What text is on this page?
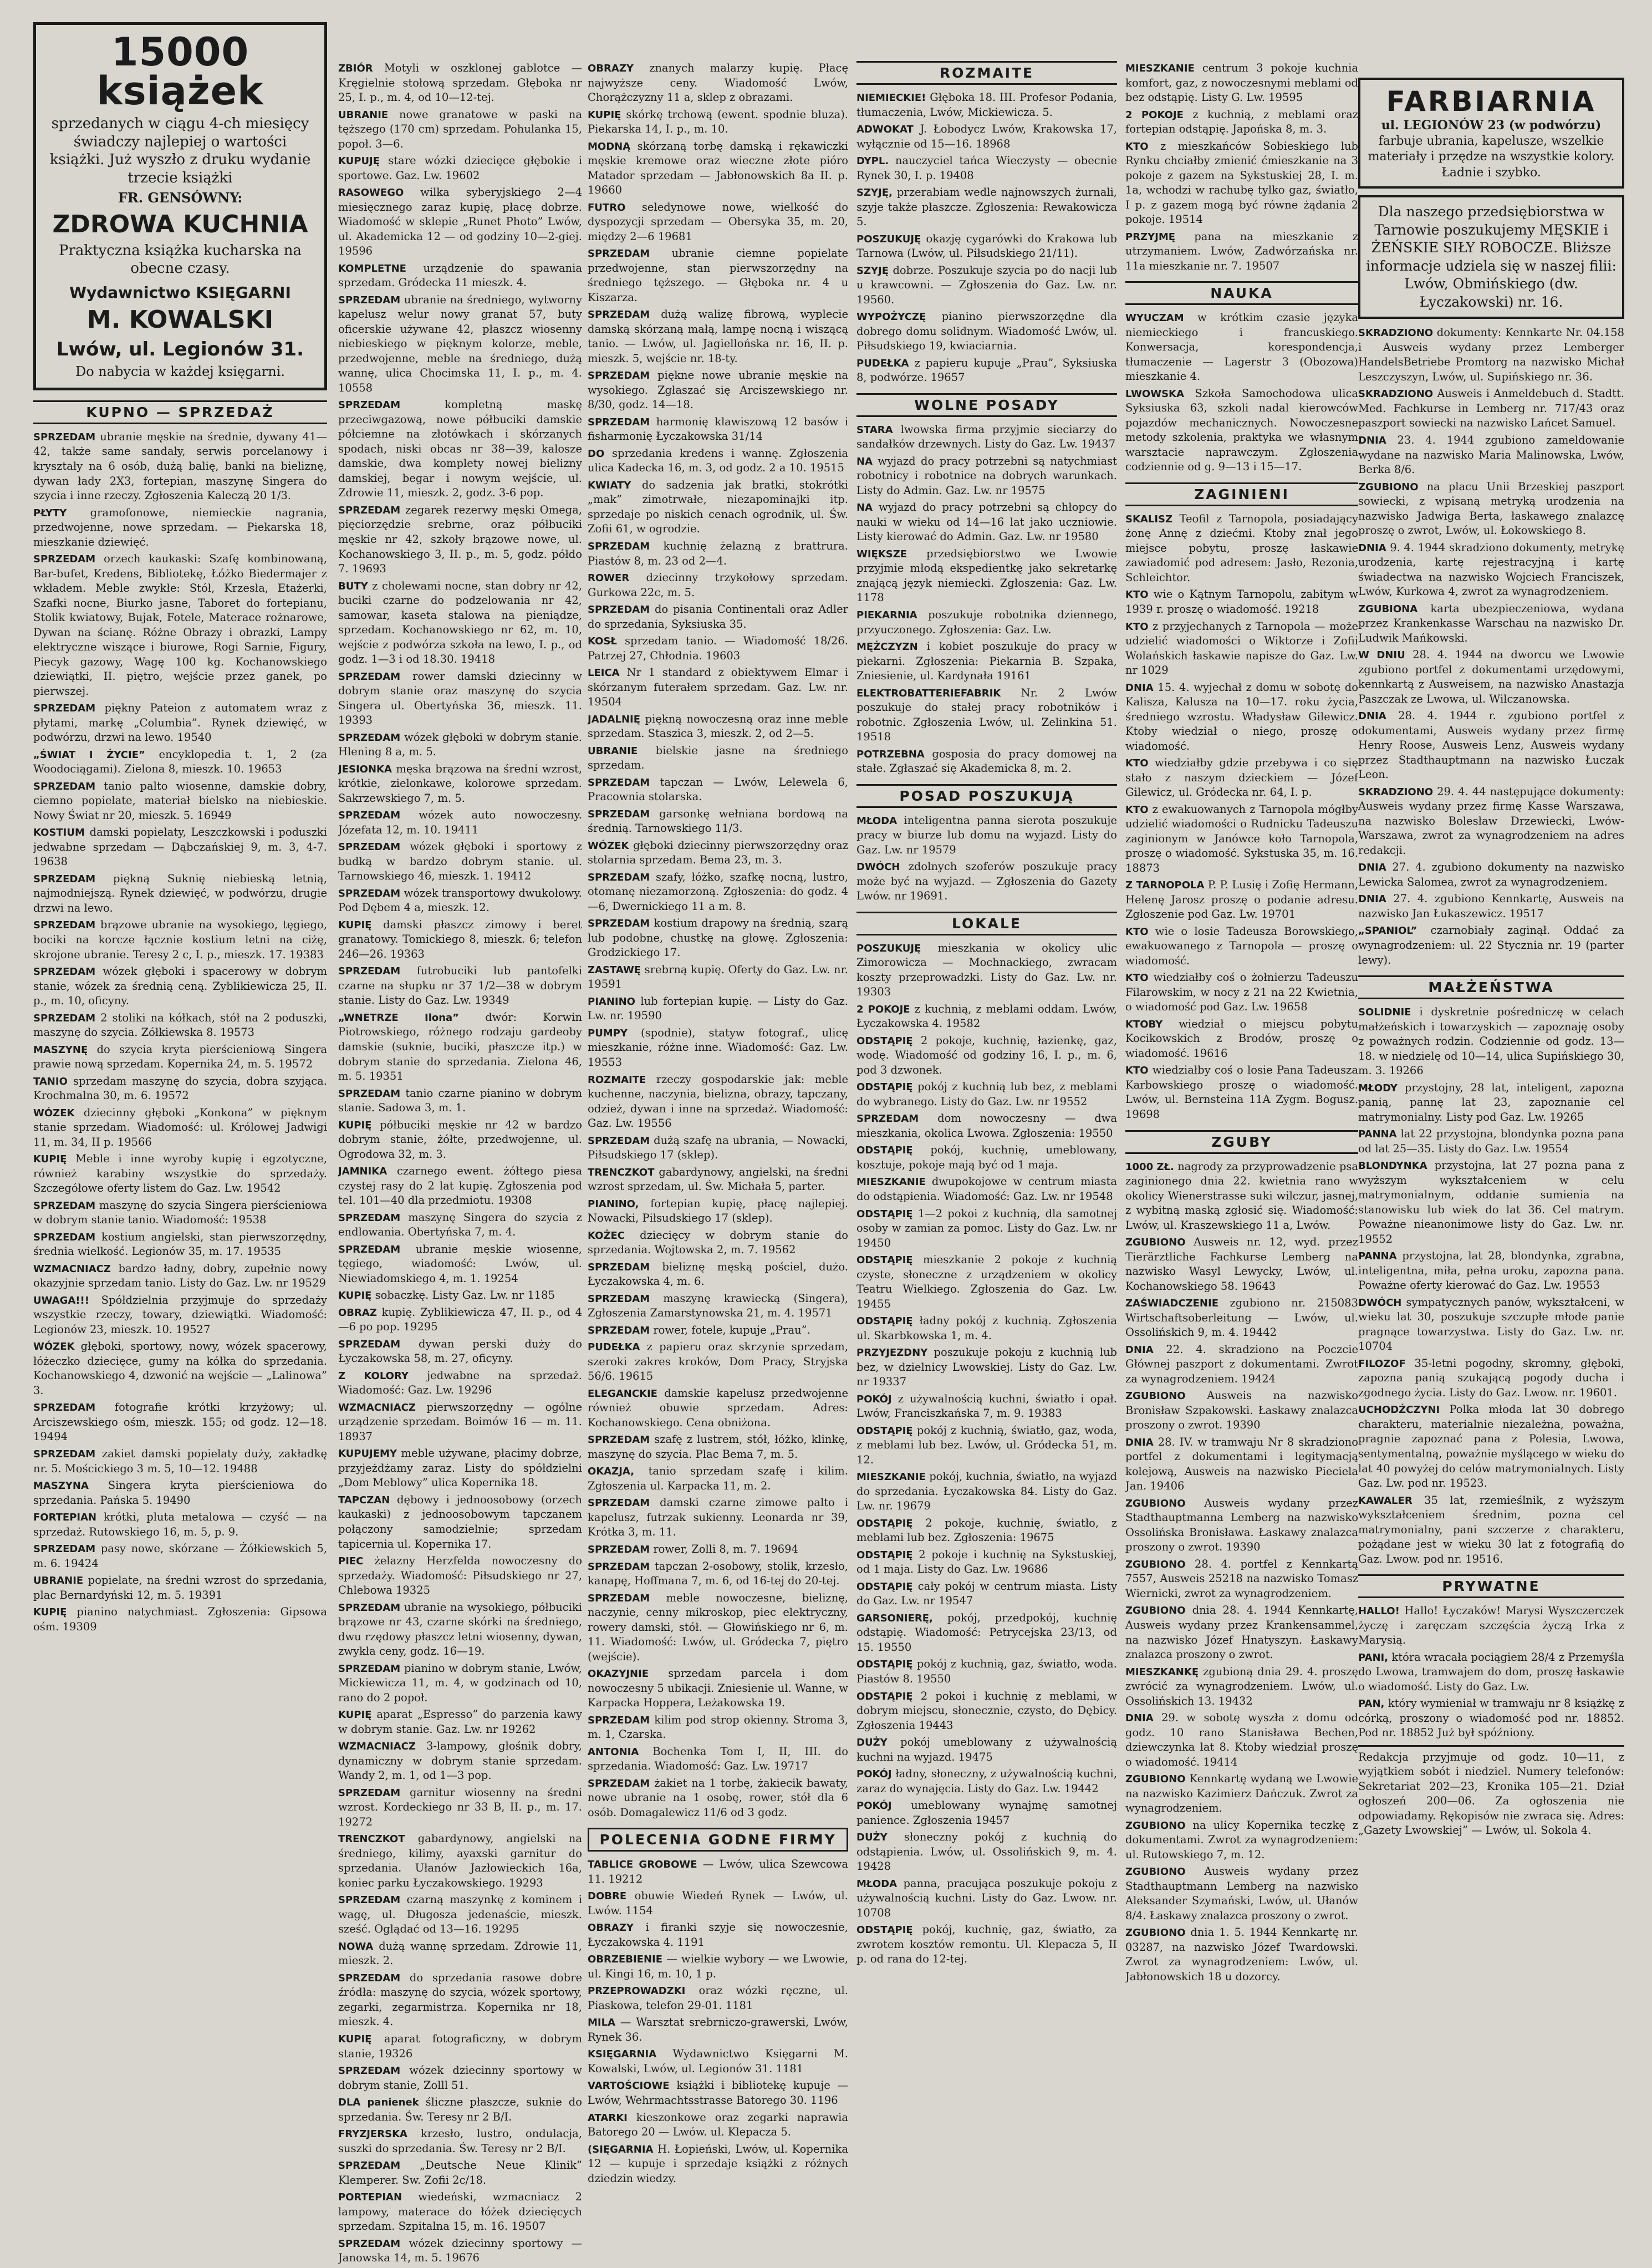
15000 książek
sprzedanych w ciągu 4-ch miesięcy świadczy najlepiej o wartości książki. Już wyszło z druku wydanie trzecie książki
FR. GENSÓWNY:
ZDROWA KUCHNIA
Praktyczna książka kucharska na obecne czasy.
Wydawnictwo KSIĘGARNI
M. KOWALSKI
Lwów, ul. Legionów 31.
Do nabycia w każdej księgarni.
KUPNO — SPRZEDAŻ

SPRZEDAM ubranie męskie na średnie, dywany 41—42, także same sandały, serwis porcelanowy i kryształy na 6 osób, dużą balię, banki na bieliznę, dywan łady 2X3, fortepian, maszynę Singera do szycia i inne rzeczy. Zgłoszenia Kaleczą 20 1/3.

PŁYTY gramofonowe, niemieckie nagrania, przedwojenne, nowe sprzedam. — Piekarska 18, mieszkanie dziewięć.

SPRZEDAM orzech kaukaski: Szafę kombinowaną, Bar-bufet, Kredens, Bibliotekę, Łóżko Biedermajer z wkładem. Meble zwykłe: Stół, Krzesła, Etażerki, Szafki nocne, Biurko jasne, Taboret do fortepianu, Stolik kwiatowy, Bujak, Fotele, Materace rożnarowe, Dywan na ścianę. Różne Obrazy i obrazki, Lampy elektryczne wiszące i biurowe, Rogi Sarnie, Figury, Piecyk gazowy, Wagę 100 kg. Kochanowskiego dziewiątki, II. piętro, wejście przez ganek, po pierwszej.

SPRZEDAM piękny Pateion z automatem wraz z płytami, markę „Columbia”. Rynek dziewięć, w podwórzu, drzwi na lewo. 19540

„ŚWIAT I ŻYCIE” encyklopedia t. 1, 2 (za Woodociągami). Zielona 8, mieszk. 10. 19653

SPRZEDAM tanio palto wiosenne, damskie dobry, ciemno popielate, materiał bielsko na niebieskie. Nowy Świat nr 20, mieszk. 5. 16949

KOSTIUM damski popielaty, Leszczkowski i poduszki jedwabne sprzedam — Dąbczańskiej 9, m. 3, 4-7. 19638

SPRZEDAM piękną Suknię niebieską letnią, najmodniejszą. Rynek dziewięć, w podwórzu, drugie drzwi na lewo.

SPRZEDAM brązowe ubranie na wysokiego, tęgiego, bociki na korcze łącznie kostium letni na ciżę, skrojone ubranie. Teresy 2 c, I. p., mieszk. 17. 19383

SPRZEDAM wózek głęboki i spacerowy w dobrym stanie, wózek za średnią ceną. Zyblikiewicza 25, II. p., m. 10, oficyny.

SPRZEDAM 2 stoliki na kółkach, stół na 2 poduszki, maszynę do szycia. Zółkiewska 8. 19573

MASZYNĘ do szycia kryta pierścieniową Singera prawie nową sprzedam. Kopernika 24, m. 5. 19572

TANIO sprzedam maszynę do szycia, dobra szyjąca. Krochmalna 30, m. 6. 19572

WÓZEK dziecinny głęboki „Konkona” w pięknym stanie sprzedam. Wiadomość: ul. Królowej Jadwigi 11, m. 34, II p. 19566

KUPIĘ Meble i inne wyroby kupię i egzotyczne, również karabiny wszystkie do sprzedaży. Szczegółowe oferty listem do Gaz. Lw. 19542

SPRZEDAM maszynę do szycia Singera pierścieniowa w dobrym stanie tanio. Wiadomość: 19538

SPRZEDAM kostium angielski, stan pierwszorzędny, średnia wielkość. Legionów 35, m. 17. 19535

WZMACNIACZ bardzo ładny, dobry, zupełnie nowy okazyjnie sprzedam tanio. Listy do Gaz. Lw. nr 19529

UWAGA!!! Spółdzielnia przyjmuje do sprzedaży wszystkie rzeczy, towary, dziewiątki. Wiadomość: Legionów 23, mieszk. 10. 19527

WÓZEK głęboki, sportowy, nowy, wózek spacerowy, łóżeczko dziecięce, gumy na kółka do sprzedania. Kochanowskiego 4, dzwonić na wejście — „Lalinowa” 3.

SPRZEDAM fotografie krótki krzyżowy; ul. Arciszewskiego ośm, mieszk. 155; od godz. 12—18. 19494

SPRZEDAM zakiet damski popielaty duży, zakładkę nr. 5. Mościckiego 3 m. 5, 10—12. 19488

MASZYNA Singera kryta pierścieniowa do sprzedania. Pańska 5. 19490

FORTEPIAN krótki, pluta metalowa — czyść — na sprzedaż. Rutowskiego 16, m. 5, p. 9.

SPRZEDAM pasy nowe, skórzane — Żółkiewskich 5, m. 6. 19424

UBRANIE popielate, na średni wzrost do sprzedania, plac Bernardyński 12, m. 5. 19391

KUPIĘ pianino natychmiast. Zgłoszenia: Gipsowa ośm. 19309

ZBIÓR Motyli w oszklonej gablotce — Kręgielnie stołową sprzedam. Głęboka nr 25, I. p., m. 4, od 10—12-tej.

UBRANIE nowe granatowe w paski na tęższego (170 cm) sprzedam. Pohulanka 15, popoł. 3—6.

KUPUJĘ stare wózki dziecięce głębokie i sportowe. Gaz. Lw. 19602

RASOWEGO wilka syberyjskiego 2—4 miesięcznego zaraz kupię, płacę dobrze. Wiadomość w sklepie „Runet Photo” Lwów, ul. Akademicka 12 — od godziny 10—2-giej. 19596

KOMPLETNE urządzenie do spawania sprzedam. Gródecka 11 mieszk. 4.

SPRZEDAM ubranie na średniego, wytworny kapelusz welur nowy granat 57, buty oficerskie używane 42, płaszcz wiosenny niebieskiego w pięknym kolorze, meble, przedwojenne, meble na średniego, dużą wannę, ulica Chocimska 11, I. p., m. 4. 10558

SPRZEDAM	kompletną maskę przeciwgazową, nowe półbuciki damskie półciemne na złotówkach i skórzanych spodach, niski obcas nr 38—39, kalosze damskie, dwa komplety nowej bielizny damskiej, begar i nowym wejście, ul. Zdrowie 11, mieszk. 2, godz. 3-6 pop.

SPRZEDAM zegarek rezerwy męski Omega, pięciorzędzie srebrne, oraz półbuciki męskie nr 42, szkoły brązowe nowe, ul. Kochanowskiego 3, II. p., m. 5, godz. półdo 7. 19693

BUTY z cholewami nocne, stan dobry nr 42, buciki czarne do podzelowania nr 42, samowar, kaseta stalowa na pieniądze, sprzedam. Kochanowskiego nr 62, m. 10, wejście z podwórza szkoła na lewo, I. p., od godz. 1—3 i od 18.30. 19418

SPRZEDAM rower damski dziecinny w dobrym stanie oraz maszynę do szycia Singera ul. Obertyńska 36, mieszk. 11. 19393

SPRZEDAM wózek głęboki w dobrym stanie. Hlening 8 a, m. 5.

JESIONKA męska brązowa na średni wzrost, krótkie, zielonkawe, kolorowe sprzedam. Sakrzewskiego 7, m. 5.

SPRZEDAM wózek auto nowoczesny. Józefata 12, m. 10. 19411

SPRZEDAM wózek głęboki i sportowy z budką w bardzo dobrym stanie. ul. Tarnowskiego 46, mieszk. 1. 19412

SPRZEDAM wózek transportowy dwukołowy. Pod Dębem 4 a, mieszk. 12.

KUPIĘ damski płaszcz zimowy i beret granatowy. Tomickiego 8, mieszk. 6; telefon 246—26. 19363

SPRZEDAM futrobuciki lub pantofelki czarne na słupku nr 37 1/2—38 w dobrym stanie. Listy do Gaz. Lw. 19349

„WNETRZE Ilona” dwór: Korwin Piotrowskiego, różnego rodzaju gardeoby damskie (suknie, buciki, płaszcze itp.) w dobrym stanie do sprzedania. Zielona 46, m. 5. 19351

SPRZEDAM tanio czarne pianino w dobrym stanie. Sadowa 3, m. 1.

KUPIĘ półbuciki męskie nr 42 w bardzo dobrym stanie, żółte, przedwojenne, ul. Ogrodowa 32, m. 3.

JAMNIKA czarnego ewent. żółtego piesa czystej rasy do 2 lat kupię. Zgłoszenia pod tel. 101—40 dla przedmiotu. 19308

SPRZEDAM maszynę Singera do szycia z endlowania. Obertyńska 7, m. 4.

SPRZEDAM ubranie męskie wiosenne, tęgiego, wiadomość: Lwów, ul. Niewiadomskiego 4, m. 1. 19254

KUPIĘ sobaczkę. Listy Gaz. Lw. nr 1185

OBRAZ kupię. Zyblikiewicza 47, II. p., od 4—6 po pop. 19295

SPRZEDAM dywan perski duży do Łyczakowska 58, m. 27, oficyny.

Z KOLORY jedwabne na sprzedaż. Wiadomość: Gaz. Lw. 19296

WZMACNIACZ pierwszorzędny — ogólne urządzenie sprzedam. Boimów 16 — m. 11. 18937

KUPUJEMY meble używane, płacimy dobrze, przyjeżdżamy zaraz. Listy do spółdzielni „Dom Meblowy” ulica Kopernika 18.

TAPCZAN dębowy i jednoosobowy (orzech kaukaski) z jednoosobowym tapczanem połączony samodzielnie; sprzedam tapicernia ul. Kopernika 17.

PIEC żelazny Herzfelda nowoczesny do sprzedaży. Wiadomość: Piłsudskiego nr 27, Chlebowa 19325

SPRZEDAM ubranie na wysokiego, półbuciki brązowe nr 43, czarne skórki na średniego, dwu rzędowy płaszcz letni wiosenny, dywan, zwykła ceny, godz. 16—19.

SPRZEDAM pianino w dobrym stanie, Lwów, Mickiewicza 11, m. 4, w godzinach od 10, rano do 2 popoł.

KUPIĘ aparat „Espresso” do parzenia kawy w dobrym stanie. Gaz. Lw. nr 19262

WZMACNIACZ 3-lampowy, głośnik dobry, dynamiczny w dobrym stanie sprzedam. Wandy 2, m. 1, od 1—3 pop.

SPRZEDAM garnitur wiosenny na średni wzrost. Kordeckiego nr 33 B, II. p., m. 17. 19272

TRENCZKOT gabardynowy, angielski na średniego, kilimy, ayaxski garnitur do sprzedania. Ułanów Jazłowieckich 16a, koniec parku Łyczakowskiego. 19293

SPRZEDAM czarną maszynkę z kominem i wagę, ul. Długosza jedenaście, mieszk. sześć. Oglądać od 13—16. 19295

NOWA dużą wannę sprzedam. Zdrowie 11, mieszk. 2.

SPRZEDAM do sprzedania rasowe dobre źródła: maszynę do szycia, wózek sportowy, zegarki, zegarmistrza. Kopernika nr 18, mieszk. 4.

KUPIĘ aparat fotograficzny, w dobrym stanie, 19326

SPRZEDAM wózek dziecinny sportowy w dobrym stanie, Zolll 51.

DLA panienek śliczne płaszcze, suknie do sprzedania. Św. Teresy nr 2 B/I.

FRYZJERSKA krzesło, lustro, ondulacja, suszki do sprzedania. Św. Teresy nr 2 B/I.

SPRZEDAM „Deutsche Neue Klinik” Klemperer. Sw. Zofii 2c/18.

PORTEPIAN wiedeński, wzmacniacz 2 lampowy, materace do łóżek dziecięcych sprzedam. Szpitalna 15, m. 16. 19507

SPRZEDAM wózek dziecinny sportowy — Janowska 14, m. 5. 19676

OBRAZY znanych malarzy kupię. Płacę najwyższe ceny. Wiadomość Lwów, Chorążczyzny 11 a, sklep z obrazami.

KUPIĘ skórkę trchową (ewent. spodnie bluza). Piekarska 14, I. p., m. 10.

MODNĄ skórzaną torbę damską i rękawiczki męskie kremowe oraz wieczne złote pióro Matador sprzedam — Jabłonowskich 8a II. p. 19660

FUTRO seledynowe nowe, wielkość do dyspozycji sprzedam — Obersyka 35, m. 20, między 2—6 19681

SPRZEDAM ubranie ciemne popielate przedwojenne, stan pierwszorzędny na średniego tęższego. — Głęboka nr. 4 u Kiszarza.

SPRZEDAM dużą walizę fibrową, wyplecie damską skórzaną małą, lampę nocną i wiszącą tanio. — Lwów, ul. Jagiellońska nr. 16, II. p. mieszk. 5, wejście nr. 18-ty.

SPRZEDAM piękne nowe ubranie męskie na wysokiego. Zgłaszać się Arciszewskiego nr. 8/30, godz. 14—18.

SPRZEDAM harmonię klawiszową 12 basów i fisharmonię Łyczakowska 31/14

DO sprzedania kredens i wannę. Zgłoszenia ulica Kadecka 16, m. 3, od godz. 2 a 10. 19515

KWIATY do sadzenia jak bratki, stokrótki „mak” zimotrwałe, niezapominajki itp. sprzedaje po niskich cenach ogrodnik, ul. Św. Zofii 61, w ogrodzie.

SPRZEDAM kuchnię żelazną z brattrura. Piastów 8, m. 23 od 2—4.

ROWER dziecinny trzykołowy sprzedam. Gurkowa 22c, m. 5.

SPRZEDAM do pisania Continentali oraz Adler do sprzedania, Syksiuska 35.

KOSŁ sprzedam tanio. — Wiadomość 18/26. Patrzej 27, Chłodnia. 19603

LEICA Nr 1 standard z obiektywem Elmar i skórzanym futerałem sprzedam. Gaz. Lw. nr. 19504

JADALNIĘ piękną nowoczesną oraz inne meble sprzedam. Staszica 3, mieszk. 2, od 2—5.

UBRANIE bielskie jasne na średniego sprzedam.

SPRZEDAM tapczan — Lwów, Lelewela 6, Pracownia stolarska.

SPRZEDAM garsonkę wełniana bordową na średnią. Tarnowskiego 11/3.

WÓZEK głęboki dziecinny pierwszorzędny oraz stolarnia sprzedam. Bema 23, m. 3.

SPRZEDAM szafy, łóżko, szafkę nocną, lustro, otomanę niezamorzoną. Zgłoszenia: do godz. 4—6, Dwernickiego 11 a m. 8.

SPRZEDAM kostium drapowy na średnią, szarą lub podobne, chustkę na głowę. Zgłoszenia: Grodzickiego 17.

ZASTAWĘ srebrną kupię. Oferty do Gaz. Lw. nr. 19591

PIANINO lub fortepian kupię. — Listy do Gaz. Lw. nr. 19590

PUMPY (spodnie), statyw fotograf., ulicę mieszkanie, różne inne. Wiadomość: Gaz. Lw. 19553

ROZMAITE rzeczy gospodarskie jak: meble kuchenne, naczynia, bielizna, obrazy, tapczany, odzież, dywan i inne na sprzedaż. Wiadomość: Gaz. Lw. 19556

SPRZEDAM dużą szafę na ubrania, — Nowacki, Piłsudskiego 17 (sklep).

TRENCZKOT gabardynowy, angielski, na średni wzrost sprzedam, ul. Św. Michała 5, parter.

PIANINO, fortepian kupię, płacę najlepiej. Nowacki, Piłsudskiego 17 (sklep).

KOŻEC dziecięcy w dobrym stanie do sprzedania. Wojtowska 2, m. 7. 19562

SPRZEDAM bieliznę męską pościel, dużo. Łyczakowska 4, m. 6.

SPRZEDAM maszynę krawiecką (Singera), Zgłoszenia Zamarstynowska 21, m. 4. 19571

SPRZEDAM rower, fotele, kupuje „Prau”.

PUDEŁKA z papieru oraz skrzynie sprzedam, szeroki zakres kroków, Dom Pracy, Stryjska 56/6. 19615

ELEGANCKIE damskie kapelusz przedwojenne również obuwie sprzedam. Adres: Kochanowskiego. Cena obniżona.

SPRZEDAM szafę z lustrem, stół, łóżko, klinkę, maszynę do szycia. Plac Bema 7, m. 5.

OKAZJA, tanio sprzedam szafę i kilim. Zgłoszenia ul. Karpacka 11, m. 2.

SPRZEDAM damski czarne zimowe palto i kapelusz, futrzak sukienny. Leonarda nr 39, Krótka 3, m. 11.

SPRZEDAM rower, Zolli 8, m. 7. 19694

SPRZEDAM tapczan 2-osobowy, stolik, krzesło, kanapę, Hoffmana 7, m. 6, od 16-tej do 20-tej.

SPRZEDAM meble nowoczesne, bieliznę, naczynie, cenny mikroskop, piec elektryczny, rowery damski, stół. — Głowińskiego nr 6, m. 11. Wiadomość: Lwów, ul. Gródecka 7, piętro (wejście).

OKAZYJNIE sprzedam parcela i dom nowoczesny 5 ubikacji. Zniesienie ul. Wanne, w Karpacka Hoppera, Leżakowska 19.

SPRZEDAM kilim pod strop okienny. Stroma 3, m. 1, Czarska.

ANTONIA Bochenka Tom I, II, III. do sprzedania. Wiadomość: Gaz. Lw. 19717

SPRZEDAM żakiet na 1 torbę, żakiecik bawaty, nowe ubranie na 1 osobę, rower, stół dla 6 osób. Domagalewicz 11/6 od 3 godz.

POLECENIA GODNE FIRMY

TABLICE GROBOWE — Lwów, ulica Szewcowa 11. 19212

DOBRE obuwie Wiedeń Rynek — Lwów, ul. Lwów. 1154

OBRAZY i firanki szyje się nowoczesnie, Łyczakowska 4. 1191

OBRZEBIENIE — wielkie wybory — we Lwowie, ul. Kingi 16, m. 10, 1 p.

PRZEPROWADZKI oraz wózki ręczne, ul. Piaskowa, telefon 29-01. 1181

MILA — Warsztat srebrniczo-grawerski, Lwów, Rynek 36.

KSIĘGARNIA Wydawnictwo Księgarni M. Kowalski, Lwów, ul. Legionów 31. 1181

VARTOŚCIOWE książki i bibliotekę kupuje — Lwów, Wehrmachtsstrasse Batorego 30. 1196

ATARKI kieszonkowe oraz zegarki naprawia Batorego 20 — Lwów. ul. Klepacza 5.

(SIĘGARNIA H. Łopieński, Lwów, ul. Kopernika 12 — kupuje i sprzedaje książki z różnych dziedzin wiedzy.

ROZMAITE

NIEMIECKIE! Głęboka 18. III. Profesor Podania, tłumaczenia, Lwów, Mickiewicza. 5.

ADWOKAT J. Łobodycz Lwów, Krakowska 17, wyłącznie od 15—16. 18968

DYPL. nauczyciel tańca Wieczysty — obecnie Rynek 30, I. p. 19408

SZYJĘ, przerabiam wedle najnowszych żurnali, szyje także płaszcze. Zgłoszenia: Rewakowicza 5.

POSZUKUJĘ okazję cygarówki do Krakowa lub Tarnowa (Lwów, ul. Piłsudskiego 21/11).

SZYJĘ dobrze. Poszukuje szycia po do nacji lub u krawcowni. — Zgłoszenia do Gaz. Lw. nr. 19560.

WYPOŻYCZĘ pianino pierwszorzędne dla dobrego domu solidnym. Wiadomość Lwów, ul. Piłsudskiego 19, kwiaciarnia.

PUDEŁKA z papieru kupuje „Prau”, Syksiuska 8, podwórze. 19657

WOLNE POSADY

STARA lwowska firma przyjmie sieciarzy do sandałków drzewnych. Listy do Gaz. Lw. 19437

NA wyjazd do pracy potrzebni są natychmiast robotnicy i robotnice na dobrych warunkach. Listy do Admin. Gaz. Lw. nr 19575

NA wyjazd do pracy potrzebni są chłopcy do nauki w wieku od 14—16 lat jako uczniowie. Listy kierować do Admin. Gaz. Lw. nr 19580

WIĘKSZE przedsiębiorstwo we Lwowie przyjmie młodą ekspedientkę jako sekretarkę znającą język niemiecki. Zgłoszenia: Gaz. Lw. 1178

PIEKARNIA poszukuje robotnika dziennego, przyuczonego. Zgłoszenia: Gaz. Lw.

MĘŻCZYZN i kobiet poszukuje do pracy w piekarni. Zgłoszenia: Piekarnia B. Szpaka, Zniesienie, ul. Kardynała 19161

ELEKTROBATTERIEFABRIK Nr. 2 Lwów poszukuje do stałej pracy robotników i robotnic. Zgłoszenia Lwów, ul. Zelinkina 51. 19518

POTRZEBNA gosposia do pracy domowej na stałe. Zgłaszać się Akademicka 8, m. 2.

POSAD POSZUKUJĄ

MŁODA inteligentna panna sierota poszukuje pracy w biurze lub domu na wyjazd. Listy do Gaz. Lw. nr 19579

DWÓCH zdolnych szoferów poszukuje pracy może być na wyjazd. — Zgłoszenia do Gazety Lwów. nr 19691.

LOKALE

POSZUKUJĘ mieszkania w okolicy ulic Zimorowicza — Mochnackiego, zwracam koszty przeprowadzki. Listy do Gaz. Lw. nr. 19303

2 POKOJE z kuchnią, z meblami oddam. Lwów, Łyczakowska 4. 19582

ODSTĄPIĘ 2 pokoje, kuchnię, łazienkę, gaz, wodę. Wiadomość od godziny 16, I. p., m. 6, pod 3 dzwonek.

ODSTĄPIĘ pokój z kuchnią lub bez, z meblami do wybranego. Listy do Gaz. Lw. nr 19552

SPRZEDAM dom nowoczesny — dwa mieszkania, okolica Lwowa. Zgłoszenia: 19550

ODSTĄPIĘ pokój, kuchnię, umeblowany, kosztuje, pokoje mają być od 1 maja.

MIESZKANIE dwupokojowe w centrum miasta do odstąpienia. Wiadomość: Gaz. Lw. nr 19548

ODSTĄPIĘ 1—2 pokoi z kuchnią, dla samotnej osoby w zamian za pomoc. Listy do Gaz. Lw. nr 19450

ODSTĄPIĘ mieszkanie 2 pokoje z kuchnią czyste, słoneczne z urządzeniem w okolicy Teatru Wielkiego. Zgłoszenia do Gaz. Lw. 19455

ODSTĄPIĘ ładny pokój z kuchnią. Zgłoszenia ul. Skarbkowska 1, m. 4.

PRZYJEZDNY poszukuje pokoju z kuchnią lub bez, w dzielnicy Lwowskiej. Listy do Gaz. Lw. nr 19337

POKÓJ z używalnością kuchni, światło i opał. Lwów, Franciszkańska 7, m. 9. 19383

ODSTĄPIĘ pokój z kuchnią, światło, gaz, woda, z meblami lub bez. Lwów, ul. Gródecka 51, m. 12.

MIESZKANIE pokój, kuchnia, światło, na wyjazd do sprzedania. Łyczakowska 84. Listy do Gaz. Lw. nr. 19679

ODSTĄPIĘ 2 pokoje, kuchnię, światło, z meblami lub bez. Zgłoszenia: 19675

ODSTĄPIĘ 2 pokoje i kuchnię na Sykstuskiej, od 1 maja. Listy do Gaz. Lw. 19686

ODSTĄPIĘ cały pokój w centrum miasta. Listy do Gaz. Lw. nr 19547

GARSONIERĘ, pokój, przedpokój, kuchnię odstąpię. Wiadomość: Petrycejska 23/13, od 15. 19550

ODSTĄPIĘ pokój z kuchnią, gaz, światło, woda. Piastów 8. 19550

ODSTĄPIĘ 2 pokoi i kuchnię z meblami, w dobrym miejscu, słonecznie, czysto, do Dębicy. Zgłoszenia 19443

DUŻY pokój umeblowany z używalnością kuchni na wyjazd. 19475

POKÓJ ładny, słoneczny, z używalnością kuchni, zaraz do wynajęcia. Listy do Gaz. Lw. 19442

POKÓJ umeblowany wynajmę samotnej panience. Zgłoszenia 19457

DUŻY słoneczny pokój z kuchnią do odstąpienia. Lwów, ul. Ossolińskich 9, m. 4. 19428

MŁODA panna, pracująca poszukuje pokoju z używalnością kuchni. Listy do Gaz. Lwow. nr. 10708

ODSTĄPIĘ pokój, kuchnię, gaz, światło, za zwrotem kosztów remontu. Ul. Klepacza 5, II p. od rana do 12-tej.

MIESZKANIE centrum 3 pokoje kuchnia komfort, gaz, z nowoczesnymi meblami od bez odstąpię. Listy G. Lw. 19595

2 POKOJE z kuchnią, z meblami oraz fortepian odstąpię. Japońska 8, m. 3.

KTO z mieszkańców Sobieskiego lub Rynku chciałby zmienić ćmieszkanie na 3 pokoje z gazem na Sykstuskiej 28, I. m. 1a, wchodzi w rachubę tylko gaz, światło, I p. z gazem mogą być równe żądania 2 pokoje. 19514

PRZYJMĘ pana na mieszkanie z utrzymaniem. Lwów, Zadwórzańska nr. 11a mieszkanie nr. 7. 19507

NAUKA

WYUCZAM w krótkim czasie języka niemieckiego i francuskiego. Konwersacja, korespondencja, tłumaczenie — Lagerstr 3 (Obozowa) mieszkanie 4.

LWOWSKA Szkoła Samochodowa ulica Syksiuska 63, szkoli nadal kierowców pojazdów mechanicznych. Nowoczesne metody szkolenia, praktyka we własnym warsztacie naprawczym. Zgłoszenia codziennie od g. 9—13 i 15—17.

ZAGINIENI

SKALISZ Teofil z Tarnopola, posiadający żonę Annę z dziećmi. Ktoby znał jego miejsce pobytu, proszę łaskawie zawiadomić pod adresem: Jasło, Rezonia, Schleichtor.

KTO wie o Kątnym Tarnopolu, zabitym w 1939 r. proszę o wiadomość. 19218

KTO z przyjechanych z Tarnopola — może udzielić wiadomości o Wiktorze i Zofii Wolańskich łaskawie napisze do Gaz. Lw. nr 1029

DNIA 15. 4. wyjechał z domu w sobotę do Kalisza, Kalusza na 10—17. roku życia, średniego wzrostu. Władysław Gilewicz. Ktoby wiedział o niego, proszę o wiadomość.

KTO wiedziałby gdzie przebywa i co się stało z naszym dzieckiem — Józef Gilewicz, ul. Gródecka nr. 64, I. p.

KTO z ewakuowanych z Tarnopola mógłby udzielić wiadomości o Rudnicku Tadeuszu zaginionym w Janówce koło Tarnopola, proszę o wiadomość. Sykstuska 35, m. 16. 18873

Z TARNOPOLA P. P. Lusię i Zofię Hermann, Helenę Jarosz proszę o podanie adresu. Zgłoszenie pod Gaz. Lw. 19701

KTO wie o losie Tadeusza Borowskiego, ewakuowanego z Tarnopola — proszę o wiadomość.

KTO wiedziałby coś o żołnierzu Tadeuszu Filarowskim, w nocy z 21 na 22 Kwietnia, o wiadomość pod Gaz. Lw. 19658

KTOBY wiedział o miejscu pobytu Kocikowskich z Brodów, proszę o wiadomość. 19616

KTO wiedziałby coś o losie Pana Tadeusza Karbowskiego proszę o wiadomość. Lwów, ul. Bernsteina 11A Zygm. Bogusz. 19698

ZGUBY

1000 ZŁ. nagrody za przyprowadzenie psa zaginionego dnia 22. kwietnia rano w okolicy Wienerstrasse suki wilczur, jasnej, z wybitną maską zgłosić się. Wiadomość: Lwów, ul. Kraszewskiego 11 a, Lwów.

ZGUBIONO Ausweis nr. 12, wyd. przez Tierärztliche Fachkurse Lemberg na nazwisko Wasyl Lewycky, Lwów, ul. Kochanowskiego 58. 19643

ZAŚWIADCZENIE zgubiono nr. 215083 Wirtschaftsoberleitung — Lwów, ul. Ossolińskich 9, m. 4. 19442

DNIA 22. 4. skradziono na Poczcie Głównej paszport z dokumentami. Zwrot za wynagrodzeniem. 19424

ZGUBIONO Ausweis na nazwisko Bronisław Szpakowski. Łaskawy znalazca proszony o zwrot. 19390

DNIA 28. IV. w tramwaju Nr 8 skradziono portfel z dokumentami i legitymacją kolejową, Ausweis na nazwisko Pieciela Jan. 19406

ZGUBIONO Ausweis wydany przez Stadthauptmanna Lemberg na nazwisko Ossolińska Bronisława. Łaskawy znalazca proszony o zwrot. 19390

ZGUBIONO 28. 4. portfel z Kennkartą 7557, Ausweis 25218 na nazwisko Tomasz Wiernicki, zwrot za wynagrodzeniem.

ZGUBIONO dnia 28. 4. 1944 Kennkartę, Ausweis wydany przez Krankensammel, na nazwisko Józef Hnatyszyn. Łaskawy znalazca proszony o zwrot.

MIESZKANKĘ zgubioną dnia 29. 4. proszę zwrócić za wynagrodzeniem. Lwów, ul. Ossolińskich 13. 19432

DNIA 29. w sobotę wyszła z domu od godz. 10 rano Stanisława Bechen, dziewczynka lat 8. Ktoby wiedział proszę o wiadomość. 19414

ZGUBIONO Kennkartę wydaną we Lwowie na nazwisko Kazimierz Dańczuk. Zwrot za wynagrodzeniem.

ZGUBIONO na ulicy Kopernika teczkę z dokumentami. Zwrot za wynagrodzeniem: ul. Rutowskiego 7, m. 12.

ZGUBIONO Ausweis wydany przez Stadthauptmann Lemberg na nazwisko Aleksander Szymański, Lwów, ul. Ułanów 8/4. Łaskawy znalazca proszony o zwrot.

ZGUBIONO dnia 1. 5. 1944 Kennkartę nr. 03287, na nazwisko Józef Twardowski. Zwrot za wynagrodzeniem: Lwów, ul. Jabłonowskich 18 u dozorcy.

FARBIARNIA
ul. LEGIONÓW 23 (w podwórzu)
farbuje ubrania, kapelusze, wszelkie materiały i przędze na wszystkie kolory. Ładnie i szybko.
Dla naszego przedsiębiorstwa w Tarnowie poszukujemy MĘSKIE i ŻEŃSKIE SIŁY ROBOCZE. Bliższe informacje udziela się w naszej filii: Lwów, Obmińskiego (dw. Łyczakowski) nr. 16.

SKRADZIONO dokumenty: Kennkarte Nr. 04.158 i Ausweis wydany przez Lemberger HandelsBetriebe Promtorg na nazwisko Michał Leszczyszyn, Lwów, ul. Supińskiego nr. 36.

SKRADZIONO Ausweis i Anmeldebuch d. Stadtt. Med. Fachkurse in Lemberg nr. 717/43 oraz paszport sowiecki na nazwisko Lańcet Samuel.

DNIA 23. 4. 1944 zgubiono zameldowanie wydane na nazwisko Maria Malinowska, Lwów, Berka 8/6.

ZGUBIONO na placu Unii Brzeskiej paszport sowiecki, z wpisaną metryką urodzenia na nazwisko Jadwiga Berta, łaskawego znalazcę proszę o zwrot, Lwów, ul. Łokowskiego 8.

DNIA 9. 4. 1944 skradziono dokumenty, metrykę urodzenia, kartę rejestracyjną i kartę świadectwa na nazwisko Wojciech Franciszek, Lwów, Kurkowa 4, zwrot za wynagrodzeniem.

ZGUBIONA karta ubezpieczeniowa, wydana przez Krankenkasse Warschau na nazwisko Dr. Ludwik Mańkowski.

W DNIU 28. 4. 1944 na dworcu we Lwowie zgubiono portfel z dokumentami urzędowymi, kennkartą z Ausweisem, na nazwisko Anastazja Paszczak ze Lwowa, ul. Wilczanowska.

DNIA 28. 4. 1944 r. zgubiono portfel z dokumentami, Ausweis wydany przez firmę Henry Roose, Ausweis Lenz, Ausweis wydany przez Stadthauptmann na nazwisko Łuczak Leon.

SKRADZIONO 29. 4. 44 następujące dokumenty: Ausweis wydany przez firmę Kasse Warszawa, na nazwisko Bolesław Drzewiecki, Lwów-Warszawa, zwrot za wynagrodzeniem na adres redakcji.

DNIA 27. 4. zgubiono dokumenty na nazwisko Lewicka Salomea, zwrot za wynagrodzeniem.

DNIA 27. 4. zgubiono Kennkartę, Ausweis na nazwisko Jan Łukaszewicz. 19517

„SPANIOL” czarnobiały zaginął. Oddać za wynagrodzeniem: ul. 22 Stycznia nr. 19 (parter lewy).

MAŁŻEŃSTWA

SOLIDNIE i dyskretnie pośredniczę w celach małżeńskich i towarzyskich — zapoznaję osoby z poważnych rodzin. Codziennie od godz. 13—18. w niedzielę od 10—14, ulica Supińskiego 30, m. 3. 19266

MŁODY przystojny, 28 lat, inteligent, zapozna panią, pannę lat 23, zapoznanie cel matrymonialny. Listy pod Gaz. Lw. 19265

PANNA lat 22 przystojna, blondynka pozna pana od lat 25—35. Listy do Gaz. Lw. 19554

BLONDYNKA przystojna, lat 27 pozna pana z wyższym wykształceniem w celu matrymonialnym, oddanie sumienia na stanowisku lub wiek do lat 36. Cel matrym. Poważne nieanonimowe listy do Gaz. Lw. nr. 19552

PANNA przystojna, lat 28, blondynka, zgrabna, inteligentna, miła, pełna uroku, zapozna pana. Poważne oferty kierować do Gaz. Lw. 19553

DWÓCH sympatycznych panów, wykształceni, w wieku lat 30, poszukuje szczupłe młode panie pragnące towarzystwa. Listy do Gaz. Lw. nr. 10704

FILOZOF 35-letni pogodny, skromny, głęboki, zapozna panią szukającą pogody ducha i zgodnego życia. Listy do Gaz. Lwow. nr. 19601.

UCHODŹCZYNI Polka młoda lat 30 dobrego charakteru, materialnie niezależna, poważna, pragnie zapoznać pana z Polesia, Lwowa, sentymentalną, poważnie myślącego w wieku do lat 40 powyżej do celów matrymonialnych. Listy Gaz. Lw. pod nr. 19523.

KAWALER 35 lat, rzemieślnik, z wyższym wykształceniem średnim, pozna cel matrymonialny, pani szczerze z charakteru, pożądane jest w wieku 30 lat z fotografią do Gaz. Lwow. pod nr. 19516.

PRYWATNE

HALLO! Hallo! Łyczaków! Marysi Wyszczerczek życzę i zaręczam szczęścia życzą Irka z Marysią.

PANI, która wracała pociągiem 28/4 z Przemyśla do Lwowa, tramwajem do dom, proszę łaskawie o wiadomość. Listy do Gaz. Lw.

PAN, który wymieniał w tramwaju nr 8 książkę z córką, proszony o wiadomość pod nr. 18852. Pod nr. 18852 Już był spóźniony.

Redakcja przyjmuje od godz. 10—11, z wyjątkiem sobót i niedziel. Numery telefonów: Sekretariat 202—23, Kronika 105—21. Dział ogłoszeń 200—06. Za ogłoszenia nie odpowiadamy. Rękopisów nie zwraca się. Adres: „Gazety Lwowskiej” — Lwów, ul. Sokola 4.
